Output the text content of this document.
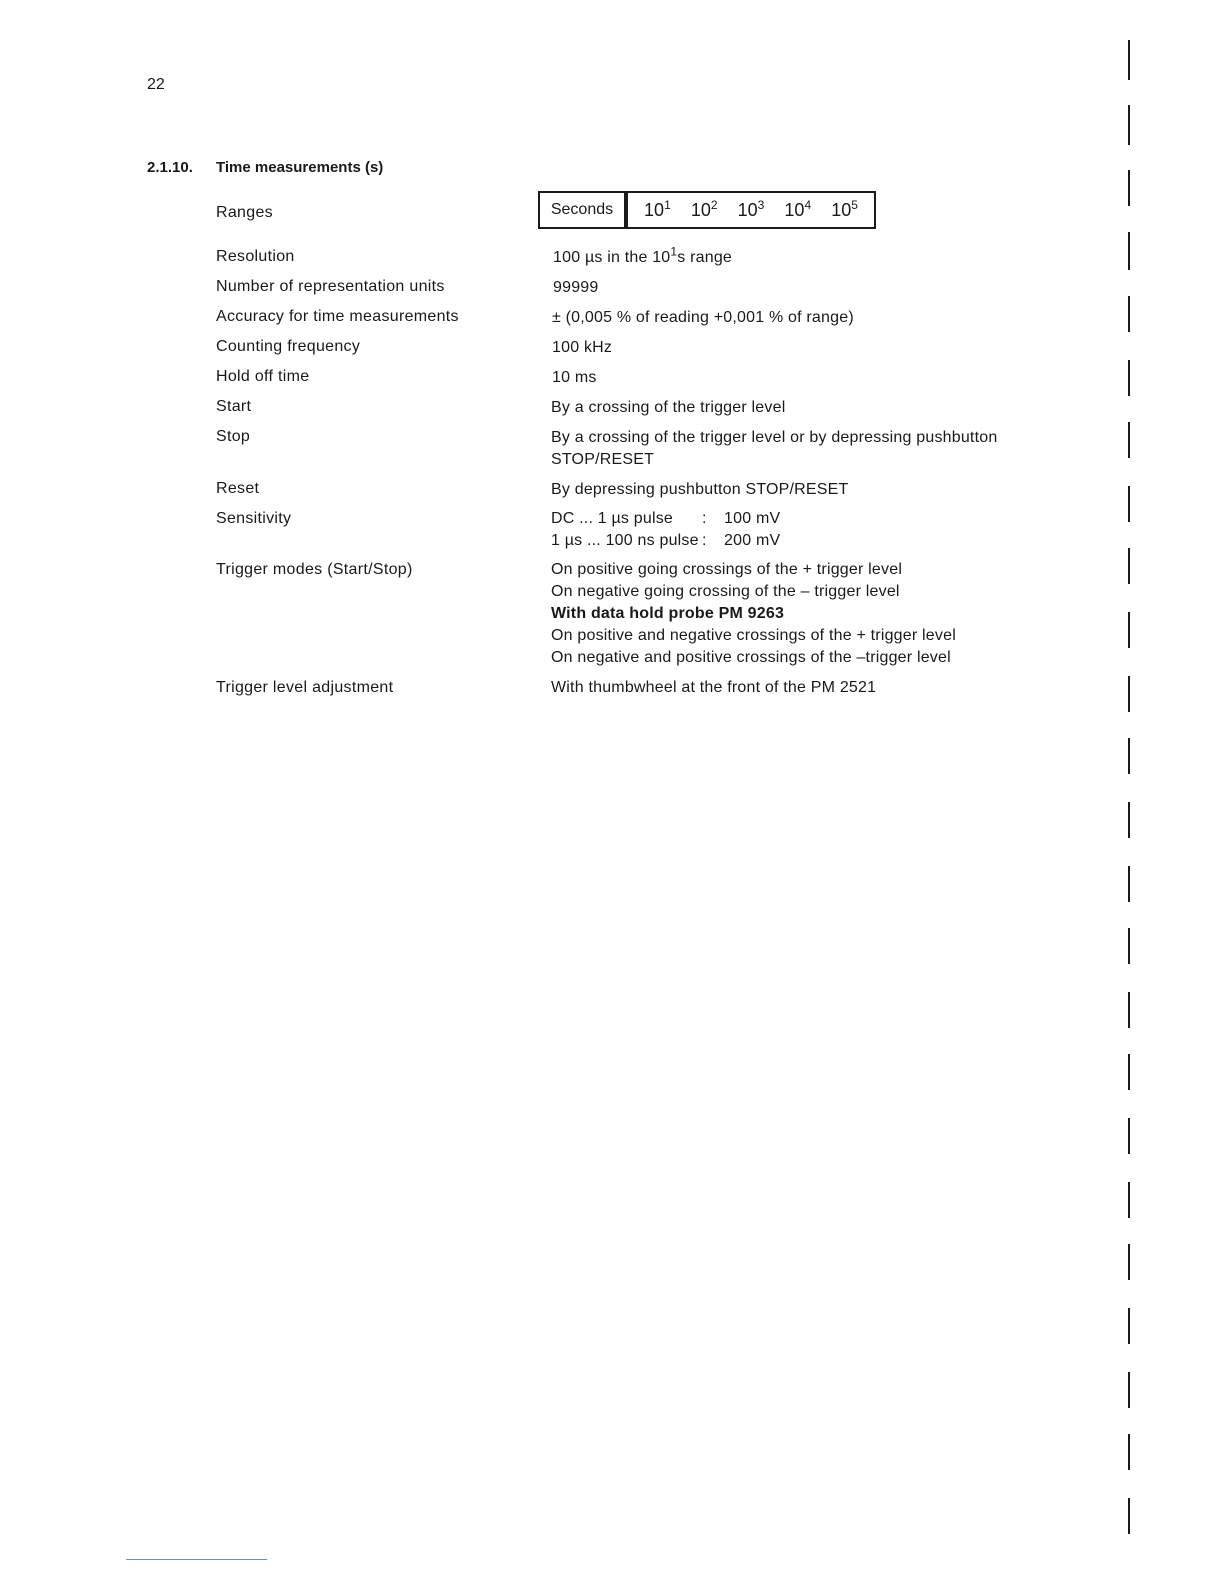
22
2.1.10. Time measurements (s)
Ranges	Seconds	$10^1$ $10^2$ $10^3$ $10^4$ $10^5$
Resolution	100 µs in the $10^1s$ range
Number of representation units	99999
Accuracy for time measurements	± (0,005 % of reading +0,001 % of range)
Counting frequency	100 kHz
Hold off time	10 ms
Start	By a crossing of the trigger level
Stop	By a crossing of the trigger level or by depressing pushbutton
STOP/RESET
Reset	By depressing pushbutton STOP/RESET
Sensitivity	DC ... 1 µs pulse	:	100 mV
1 µs ... 100 ns pulse :	200 mV
Trigger modes (Start/Stop)	On positive going crossings of the + trigger level
On negative going crossing of the – trigger level
With data hold probe PM 9263
On positive and negative crossings of the + trigger level
On negative and positive crossings of the –trigger level
Trigger level adjustment	With thumbwheel at the front of the PM 2521
